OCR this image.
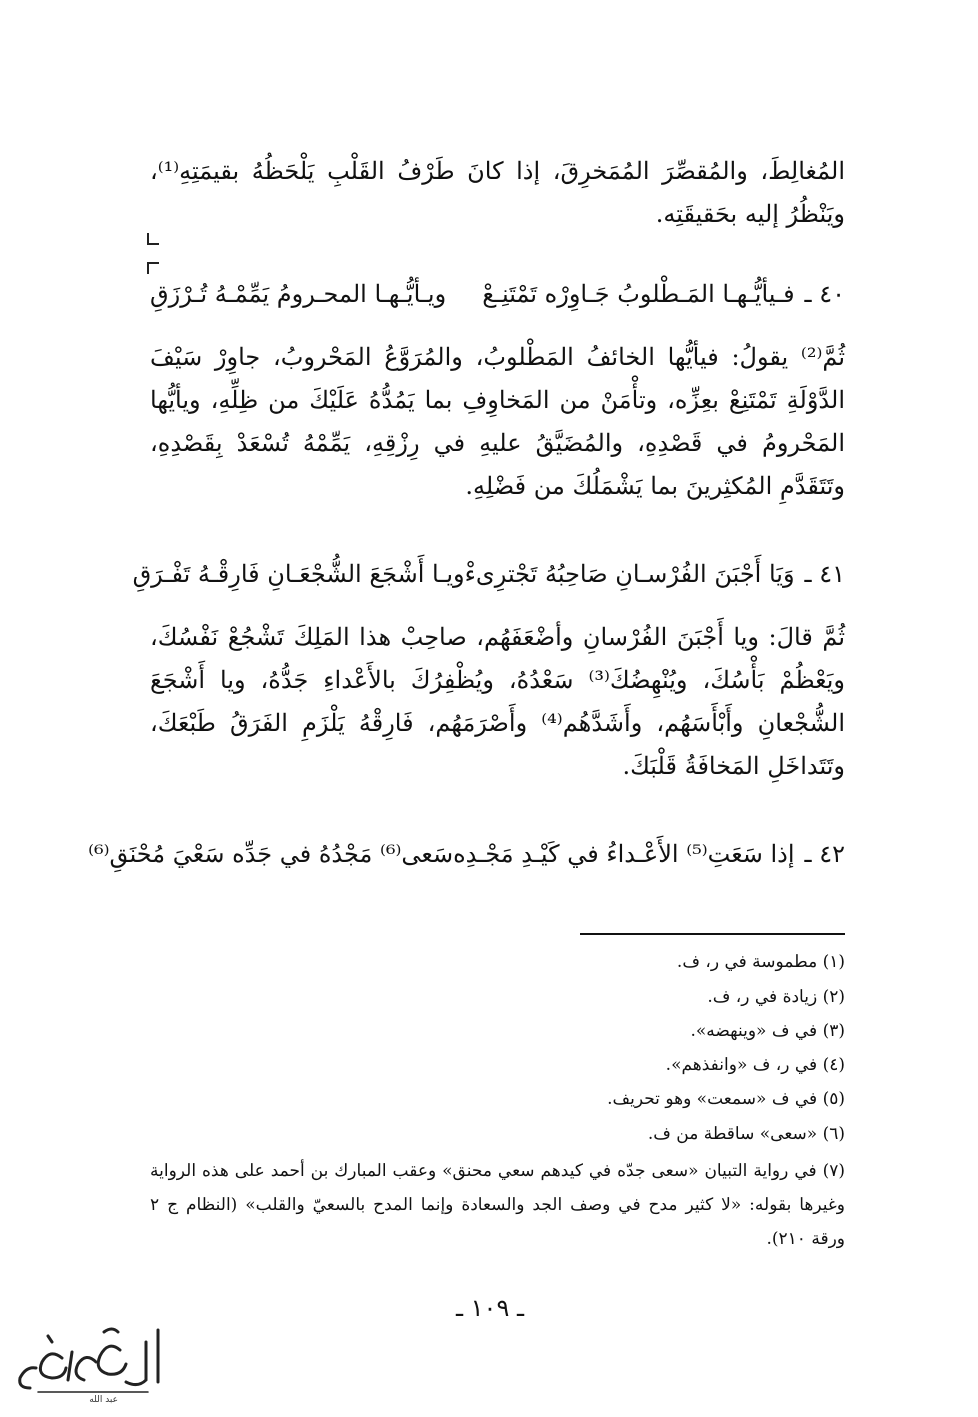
المُغالِطَ، والمُقصِّرَ المُمَخرِقَ، إذا كانَ طَرْفُ القَلْبِ يَلْحَظُهُ بقيمَتِهِ⁽¹⁾، ويَنْظُرُ إليه بحَقيقَتِه.
٤٠ ـ
فـيأيُّـهـا المَـطْلوبُ جَـاوِرْه تَمْتَنِـعْ
ويـأيُّـهـا المحـرومُ يَمِّمْـهُ تُـرْزَقِ
ثُمَّ⁽²⁾ يقولُ: فيأيُّها الخائفُ المَطْلوبُ، والمُرَوَّعُ المَحْروبُ، جاوِرْ سَيْفَ الدَّوْلَةِ تَمْتَنِعْ بعِزِّه، وتأْمَنْ من المَخاوِفِ بما يَمُدُّهُ عَلَيْكَ من ظِلِّهِ، ويأيُّها المَحْرومُ في قَصْدِهِ، والمُضَيَّقُ عليهِ في رِزْقِهِ، يَمِّمْهُ تُسْعَدْ بِقَصْدِهِ، وتَتَقَدَّمِ المُكثِرينَ بما يَشْمَلُكَ من فَضْلِهِ.
٤١ ـ
وَيَا أَجْبَنَ الفُرْسـانِ صَاحِبُهُ تَجْترِىءْ
ويـا أَشْجَعَ الشُّجْعَـانِ فَارِقْـهُ تَفْـرَقِ
ثُمَّ قالَ: ويا أَجْبَنَ الفُرْسانِ وأضْعَفَهُم، صاحِبْ هذا المَلِكَ تَشْجُعْ نَفْسُكَ، ويَعْظُمْ بَأْسُكَ، ويُنْهِضُكَ⁽³⁾ سَعْدُهُ، ويُظْفِرُكَ بالأَعْداءِ جَدُّهُ، ويا أَشْجَعَ الشُّجْعانِ وأَبْأَسَهُم، وأَشَدَّهُم⁽⁴⁾ وأَصْرَمَهُم، فَارِقْهُ يَلْزَمِ الفَرَقُ طَبْعَكَ، وتَتَداخَلِ المَخافَةُ قَلْبَكَ.
٤٢ ـ
إذا سَعَتِ⁽⁵⁾ الأَعْـداءُ في كَيْـدِ مَجْـدِه
سَعى⁽⁶⁾ مَجْدُهُ في جَدِّه سَعْيَ مُحْنَقِ⁽⁶⁾
(١) مطموسة في ر، ف.
(٢) زيادة في ر، ف.
(٣) في ف «وينهضه».
(٤) في ر، ف «وانفذهم».
(٥) في ف «سمعت» وهو تحريف.
(٦) «سعى» ساقطة من ف.
(٧) في رواية التبيان «سعى جدّه في كيدهم سعي محنق» وعقب المبارك بن أحمد على هذه الرواية وغيرها بقوله: «لا كثير مدح في وصف الجد والسعادة وإنما المدح بالسعيّ والقلب» (النظام ج ٢ ورقة ٢١٠).
ـ ١٠٩ ـ
عبد الله
